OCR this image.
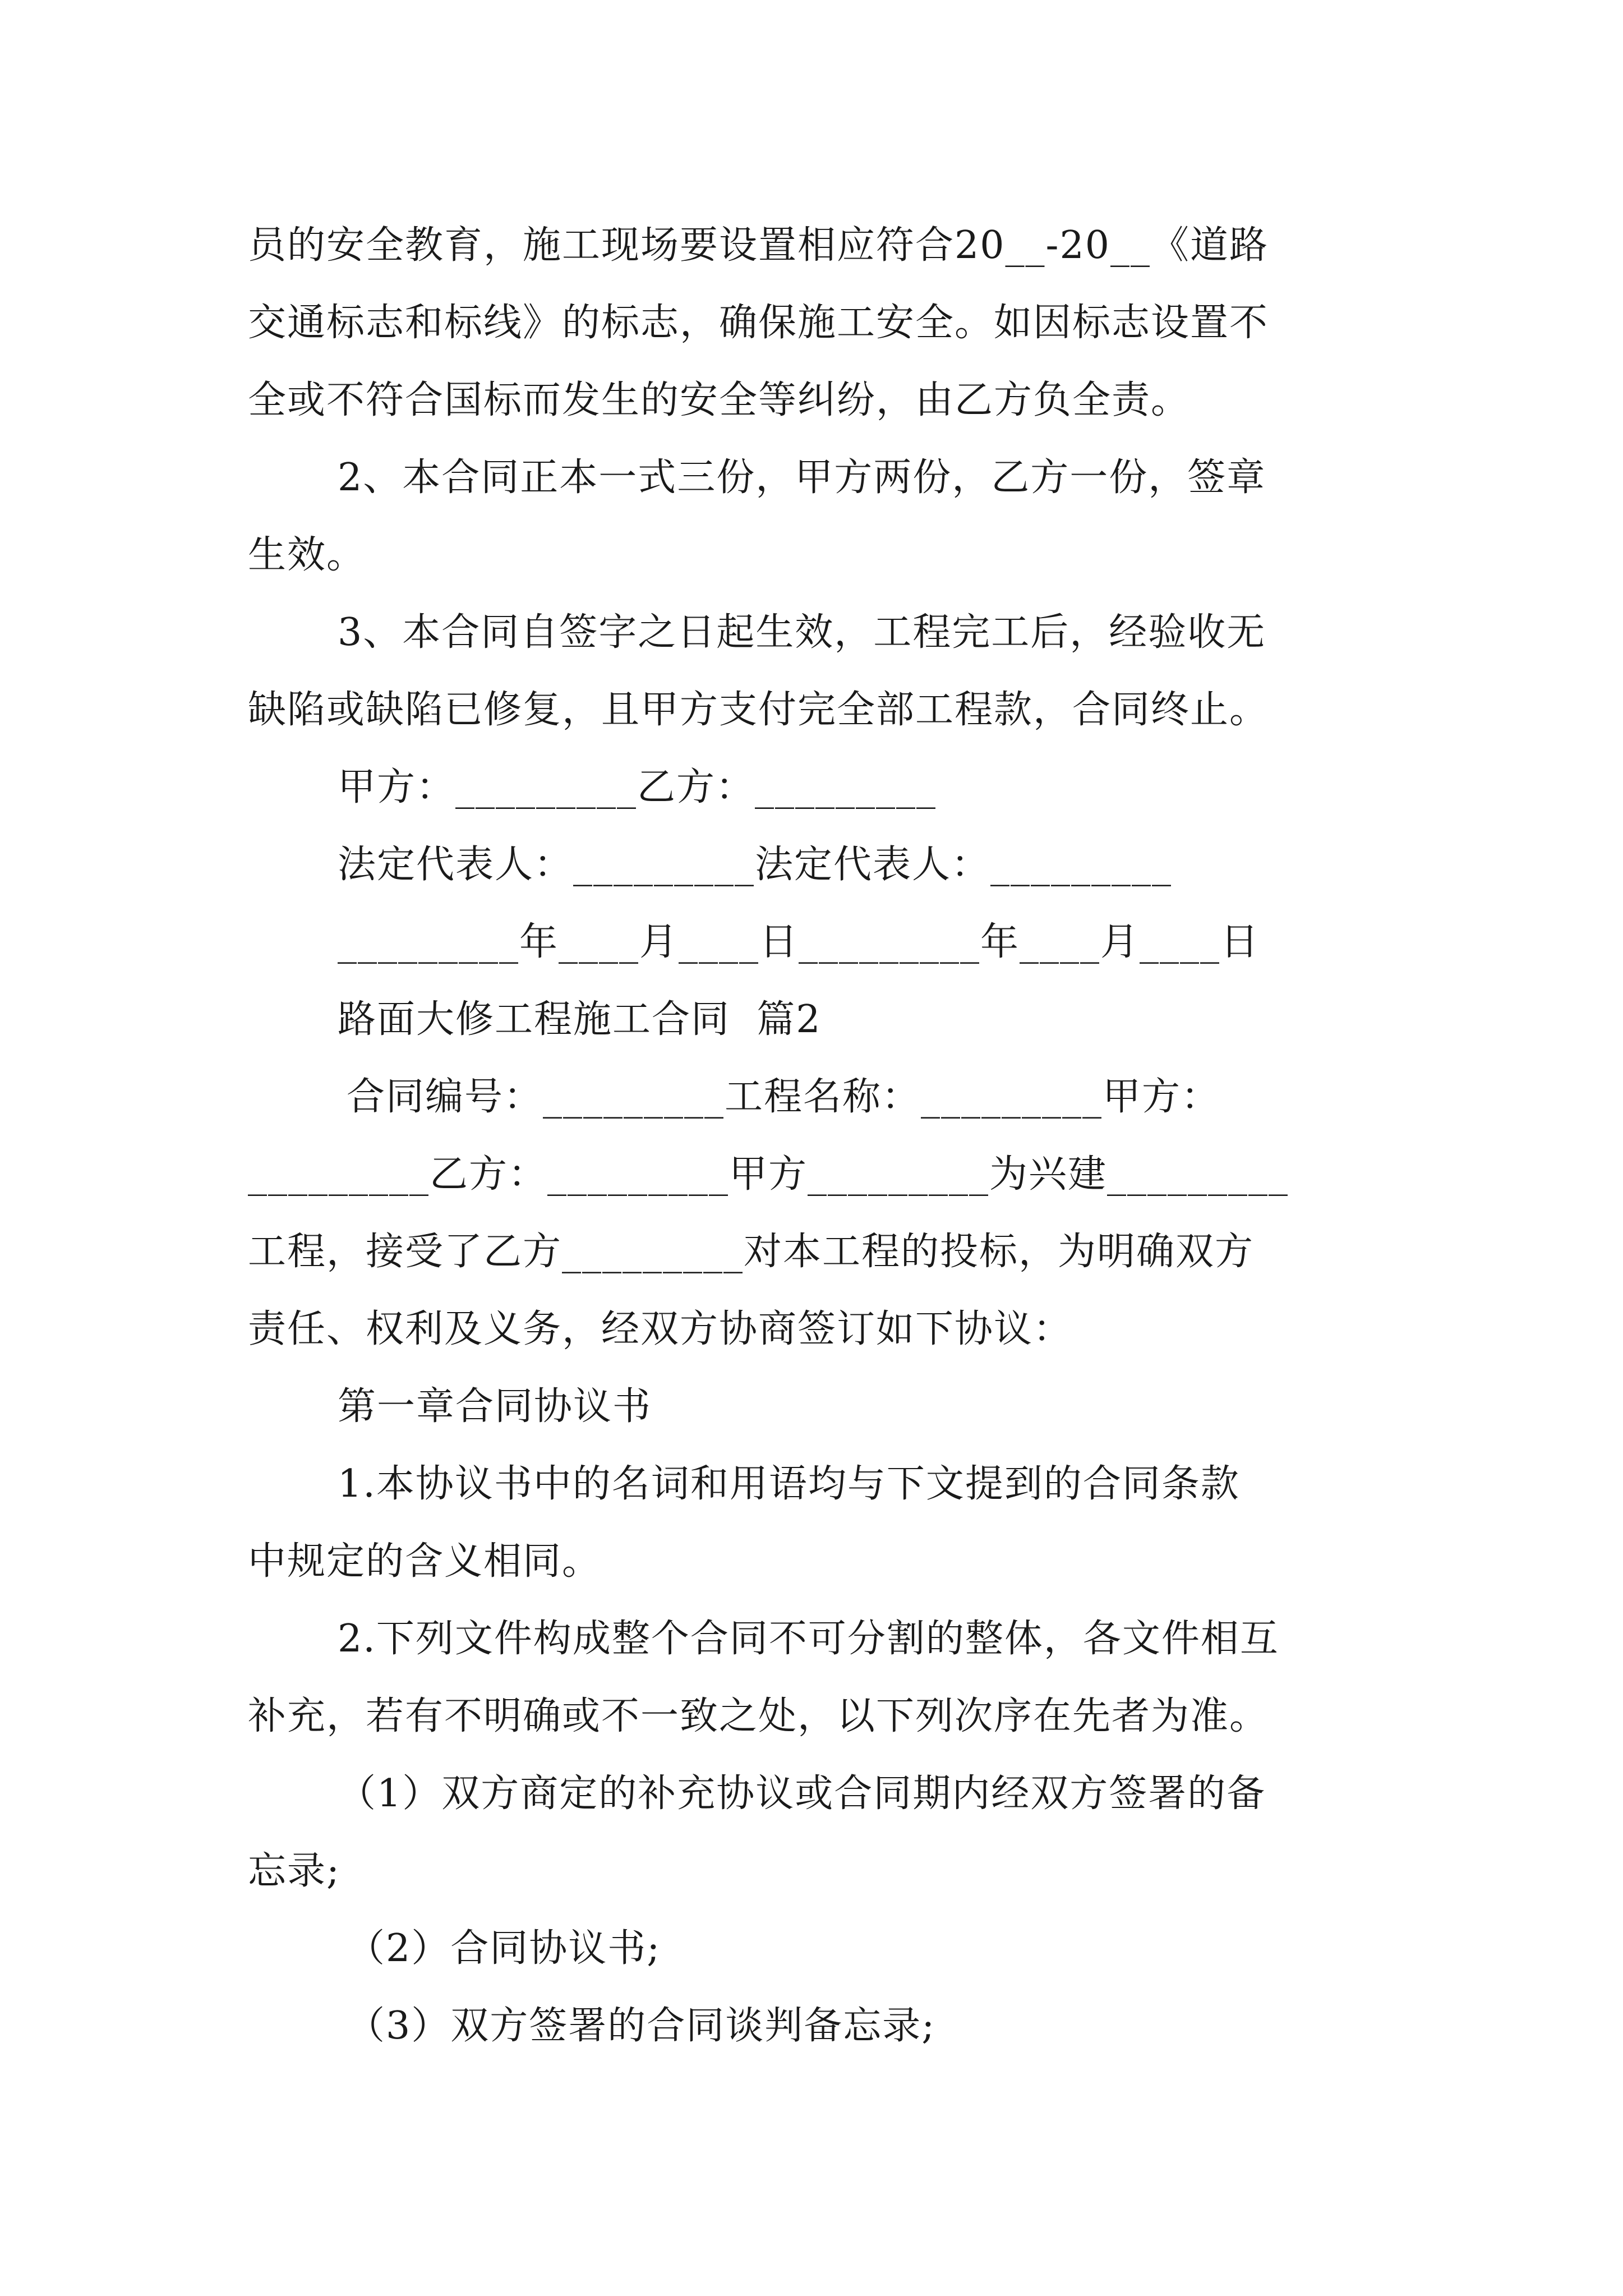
员的安全教育，施工现场要设置相应符合20__-20__《道路
交通标志和标线》的标志，确保施工安全。如因标志设置不
全或不符合国标而发生的安全等纠纷，由乙方负全责。
2、本合同正本一式三份，甲方两份，乙方一份，签章
生效。
3、本合同自签字之日起生效，工程完工后，经验收无
缺陷或缺陷已修复，且甲方支付完全部工程款，合同终止。
甲方：_________乙方：_________
法定代表人：_________法定代表人：_________
_________年____月____日_________年____月____日
路面大修工程施工合同  篇2
合同编号：_________工程名称：_________甲方：
_________乙方：_________甲方_________为兴建_________
工程，接受了乙方_________对本工程的投标，为明确双方
责任、权利及义务，经双方协商签订如下协议：
第一章合同协议书
1.本协议书中的名词和用语均与下文提到的合同条款
中规定的含义相同。
2.下列文件构成整个合同不可分割的整体，各文件相互
补充，若有不明确或不一致之处，以下列次序在先者为准。
（1）双方商定的补充协议或合同期内经双方签署的备
忘录;
（2）合同协议书;
（3）双方签署的合同谈判备忘录;
